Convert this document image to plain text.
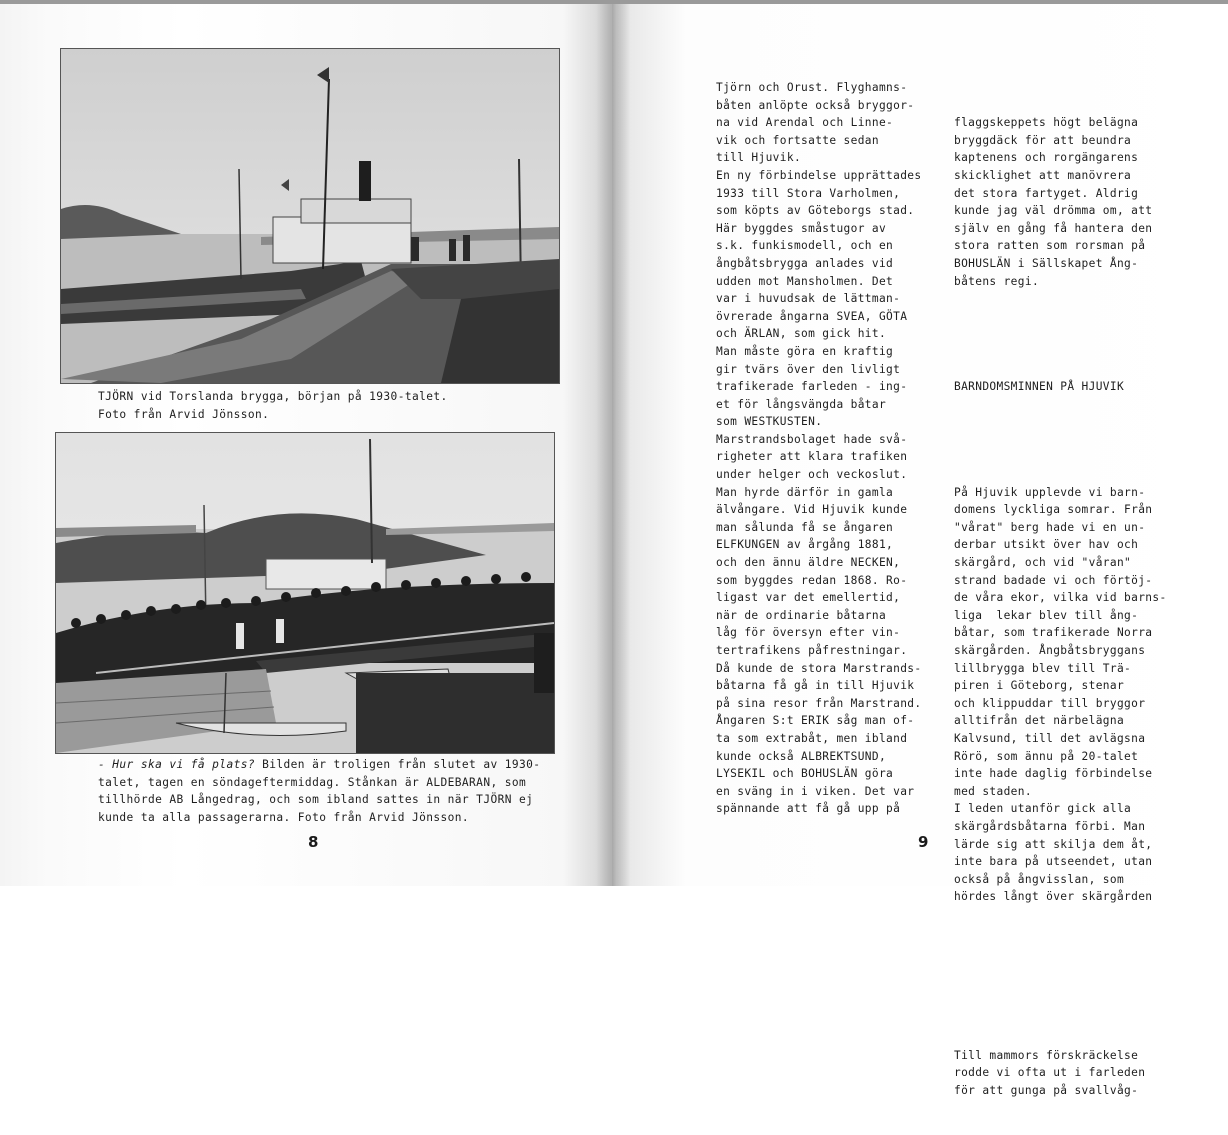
TJÖRN vid Torslanda brygga, början på 1930-talet.
Foto från Arvid Jönsson.
- Hur ska vi få plats? Bilden är troligen från slutet av 1930-
talet, tagen en söndageftermiddag. Stånkan är ALDEBARAN, som
tillhörde AB Långedrag, och som ibland sattes in när TJÖRN ej
kunde ta alla passagerarna. Foto från Arvid Jönsson.
8
Tjörn och Orust. Flyghamns-
båten anlöpte också bryggor-
na vid Arendal och Linne-
vik och fortsatte sedan
till Hjuvik.
En ny förbindelse upprättades
1933 till Stora Varholmen,
som köpts av Göteborgs stad.
Här byggdes småstugor av
s.k. funkismodell, och en
ångbåtsbrygga anlades vid
udden mot Mansholmen. Det
var i huvudsak de lättman-
övrerade ångarna SVEA, GÖTA
och ÄRLAN, som gick hit.
Man måste göra en kraftig
gir tvärs över den livligt
trafikerade farleden - ing-
et för långsvängda båtar
som WESTKUSTEN.
Marstrandsbolaget hade svå-
righeter att klara trafiken
under helger och veckoslut.
Man hyrde därför in gamla
älvångare. Vid Hjuvik kunde
man sålunda få se ångaren
ELFKUNGEN av årgång 1881,
och den ännu äldre NECKEN,
som byggdes redan 1868. Ro-
ligast var det emellertid,
när de ordinarie båtarna
låg för översyn efter vin-
tertrafikens påfrestningar.
Då kunde de stora Marstrands-
båtarna få gå in till Hjuvik
på sina resor från Marstrand.
Ångaren S:t ERIK såg man of-
ta som extrabåt, men ibland
kunde också ALBREKTSUND,
LYSEKIL och BOHUSLÄN göra
en sväng in i viken. Det var
spännande att få gå upp på

flaggskeppets högt belägna
bryggdäck för att beundra
kaptenens och rorgängarens
skicklighet att manövrera
det stora fartyget. Aldrig
kunde jag väl drömma om, att
själv en gång få hantera den
stora ratten som rorsman på
BOHUSLÄN i Sällskapet Ång-
båtens regi.

BARNDOMSMINNEN PÅ HJUVIK

På Hjuvik upplevde vi barn-
domens lyckliga somrar. Från
"vårat" berg hade vi en un-
derbar utsikt över hav och
skärgård, och vid "våran"
strand badade vi och förtöj-
de våra ekor, vilka vid barns-
liga  lekar blev till ång-
båtar, som trafikerade Norra
skärgården. Ångbåtsbryggans
lillbrygga blev till Trä-
piren i Göteborg, stenar
och klippuddar till bryggor
alltifrån det närbelägna
Kalvsund, till det avlägsna
Rörö, som ännu på 20-talet
inte hade daglig förbindelse
med staden.
I leden utanför gick alla
skärgårdsbåtarna förbi. Man
lärde sig att skilja dem åt,
inte bara på utseendet, utan
också på ångvisslan, som
hördes långt över skärgården

Till mammors förskräckelse
rodde vi ofta ut i farleden
för att gunga på svallvåg-

9
